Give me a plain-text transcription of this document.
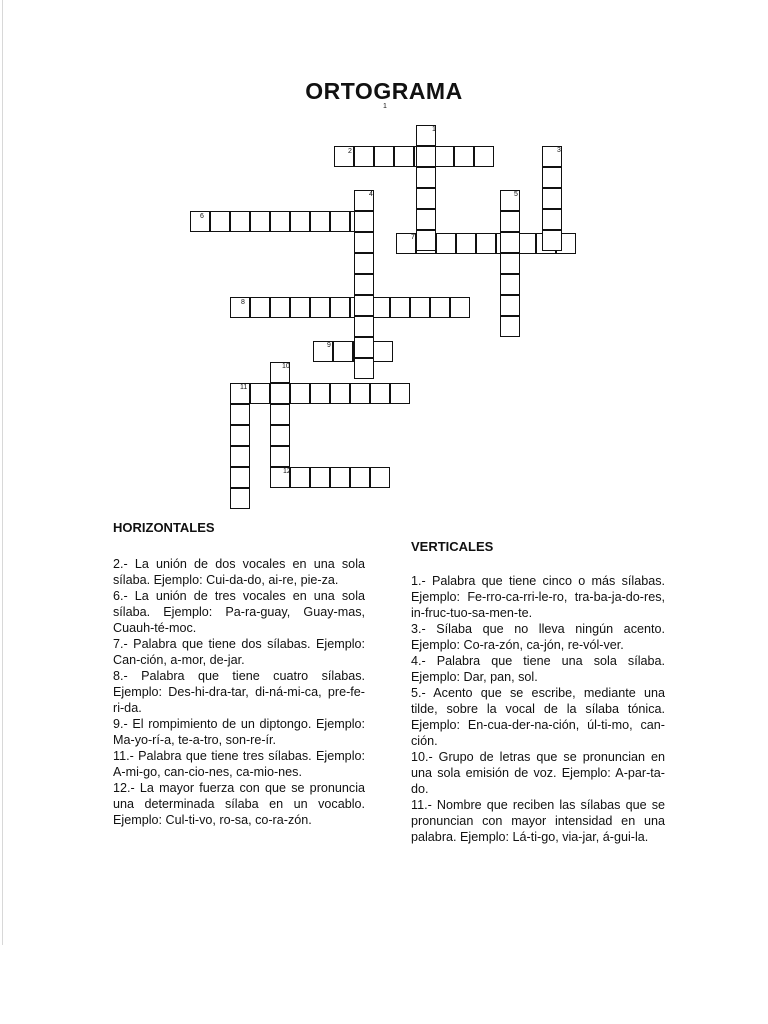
ORTOGRAMA
1
1
2	3
4	5
6
7
8
9
10
11
12
HORIZONTALES
VERTICALES

2.- La unión de dos vocales en una sola sílaba. Ejemplo: Cui-da-do, ai-re, pie-za.

6.- La unión de tres vocales en una sola sílaba. Ejemplo: Pa-ra-guay, Guay-mas, Cuauh-té-moc.

7.- Palabra que tiene dos sílabas. Ejemplo: Can-ción, a-mor, de-jar.

8.- Palabra que tiene cuatro sílabas. Ejemplo: Des-hi-dra-tar, di-ná-mi-ca, pre-fe-ri-da.

9.- El rompimiento de un diptongo. Ejemplo: Ma-yo-rí-a, te-a-tro, son-re-ír.

11.- Palabra que tiene tres sílabas. Ejemplo: A-mi-go, can-cio-nes, ca-mio-nes.

12.- La mayor fuerza con que se pronuncia una determinada sílaba en un vocablo. Ejemplo: Cul-ti-vo, ro-sa, co-ra-zón.

1.- Palabra que tiene cinco o más sílabas. Ejemplo: Fe-rro-ca-rri-le-ro, tra-ba-ja-do-res, in-fruc-tuo-sa-men-te.

3.- Sílaba que no lleva ningún acento. Ejemplo: Co-ra-zón, ca-jón, re-vól-ver.

4.- Palabra que tiene una sola sílaba. Ejemplo: Dar, pan, sol.

5.- Acento que se escribe, mediante una tilde, sobre la vocal de la sílaba tónica. Ejemplo: En-cua-der-na-ción, úl-ti-mo, can-ción.

10.- Grupo de letras que se pronuncian en una sola emisión de voz. Ejemplo: A-par-ta-do.

11.- Nombre que reciben las sílabas que se pronuncian con mayor intensidad en una palabra. Ejemplo: Lá-ti-go, via-jar, á-gui-la.
